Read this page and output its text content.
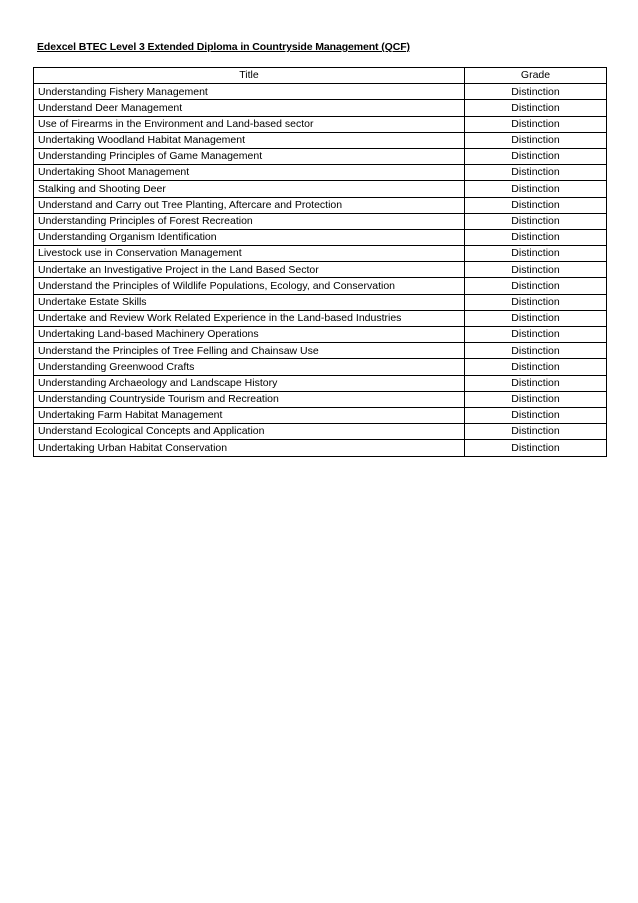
Edexcel BTEC Level 3 Extended Diploma in Countryside Management (QCF)
Title	Grade
Understanding Fishery Management	Distinction
Understand Deer Management	Distinction
Use of Firearms in the Environment and Land-based sector	Distinction
Undertaking Woodland Habitat Management	Distinction
Understanding Principles of Game Management	Distinction
Undertaking Shoot Management	Distinction
Stalking and Shooting Deer	Distinction
Understand and Carry out Tree Planting, Aftercare and Protection	Distinction
Understanding Principles of Forest Recreation	Distinction
Understanding Organism Identification	Distinction
Livestock use in Conservation Management	Distinction
Undertake an Investigative Project in the Land Based Sector	Distinction
Understand the Principles of Wildlife Populations, Ecology, and Conservation	Distinction
Undertake Estate Skills	Distinction
Undertake and Review Work Related Experience in the Land-based Industries	Distinction
Undertaking Land-based Machinery Operations	Distinction
Understand the Principles of Tree Felling and Chainsaw Use	Distinction
Understanding Greenwood Crafts	Distinction
Understanding Archaeology and Landscape History	Distinction
Understanding Countryside Tourism and Recreation	Distinction
Undertaking Farm Habitat Management	Distinction
Understand Ecological Concepts and Application	Distinction
Undertaking Urban Habitat Conservation	Distinction
